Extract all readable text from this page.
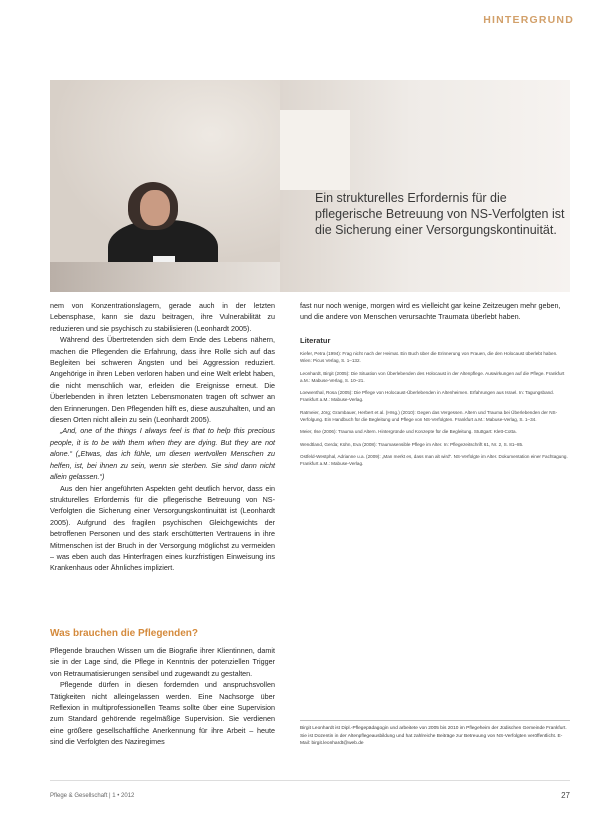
HINTERGRUND
Ein strukturelles Erfordernis für die pflegerische Betreuung von NS-Verfolgten ist die Sicherung einer Versorgungskontinuität.

nem von Konzentrationslagern, gerade auch in der letzten Lebensphase, kann sie dazu beitragen, ihre Vulnerabilität zu reduzieren und sie psychisch zu stabilisieren (Leonhardt 2005).

Während des Übertretenden sich dem Ende des Lebens nähern, machen die Pflegenden die Erfahrung, dass ihre Rolle sich auf das Begleiten bei schweren Ängsten und bei Aggression reduziert. Angehörige in ihren Leben verloren haben und eine Welt erlebt haben, die nicht menschlich war, erleiden die Ereignisse erneut. Die Überlebenden in ihren letzten Lebensmonaten tragen oft schwer an den Erinnerungen. Den Pflegenden hilft es, diese auszuhalten, und an diesen Orten nicht allein zu sein (Leonhardt 2005).

„And, one of the things I always feel is that to help this precious people, it is to be with them when they are dying. But they are not alone.“ („Etwas, das ich fühle, um diesen wertvollen Menschen zu helfen, ist, bei ihnen zu sein, wenn sie sterben. Sie sind dann nicht allein gelassen.“)

Aus den hier angeführten Aspekten geht deutlich hervor, dass ein strukturelles Erfordernis für die pflegerische Betreuung von NS-Verfolgten die Sicherung einer Versorgungskontinuität ist (Leonhardt 2005). Aufgrund des fragilen psychischen Gleichgewichts der betroffenen Personen und des stark erschütterten Vertrauens in ihre Mitmenschen ist der Bruch in der Versorgung möglichst zu vermeiden – was eben auch das Hinterfragen eines kurzfristigen Einweisung ins Krankenhaus oder Ähnliches impliziert.

Was brauchen die Pflegenden?

Pflegende brauchen Wissen um die Biografie ihrer Klientinnen, damit sie in der Lage sind, die Pflege in Kenntnis der potenziellen Trigger von Retraumatisierungen sensibel und zugewandt zu gestalten.

Pflegende dürfen in diesen fordernden und anspruchsvollen Tätigkeiten nicht alleingelassen werden. Eine Nachsorge über Reflexion in multiprofessionellen Teams sollte über eine Supervision zum Standard gehörende regelmäßige Supervision. Sie verdienen eine größere gesellschaftliche Anerkennung für ihre Arbeit – heute sind die Verfolgten des Naziregimes

fast nur noch wenige, morgen wird es vielleicht gar keine Zeitzeugen mehr geben, und die andere von Menschen verursachte Traumata überlebt haben.
Literatur
Kiefer, Petra (1994): Frag nicht nach der Heimat. Ein Buch über die Erinnerung von Frauen, die den Holocaust überlebt haben. Wien: Picus Verlag, S. 1–132.
Leonhardt, Birgit (2005): Die Situation von Überlebenden des Holocaust in der Altenpflege. Auswirkungen auf die Pflege. Frankfurt a.M.: Mabuse-Verlag, S. 10–21.
Loewenthal, Rosa (2005): Die Pflege von Holocaust-Überlebenden in Altenheimen. Erfahrungen aus Israel. In: Tagungsband. Frankfurt a.M.: Mabuse-Verlag.
Ratmeier, Jörg; Grambauer, Herbert et al. (Hrsg.) (2010): Gegen das Vergessen. Altern und Trauma bei Überlebenden der NS-Verfolgung. Ein Handbuch für die Begleitung und Pflege von NS-Verfolgten. Frankfurt a.M.: Mabuse-Verlag, S. 1–34.
Meier, Ilse (2006): Trauma und Altern. Hintergründe und Konzepte für die Begleitung. Stuttgart: Klett-Cotta.
Wendtland, Gerda; Kühn, Eva (2008): Traumasensible Pflege im Alter. In: Pflegezeitschrift 61, Nr. 2, S. 81–85.
Ostfeld-Westphal, Adrianne u.a. (2009): „Man merkt es, dass man alt wird“. NS-Verfolgte im Alter. Dokumentation einer Fachtagung. Frankfurt a.M.: Mabuse-Verlag.
Birgit Leonhardt ist Dipl.-Pflegepädagogin und arbeitete von 2005 bis 2010 im Pflegeheim der Jüdischen Gemeinde Frankfurt. Sie ist Dozentin in der Altenpflegeausbildung und hat zahlreiche Beiträge zur Betreuung von NS-Verfolgten veröffentlicht. E-Mail: birgit.leonhardt@web.de
Pflege & Gesellschaft | 1 • 2012	27
